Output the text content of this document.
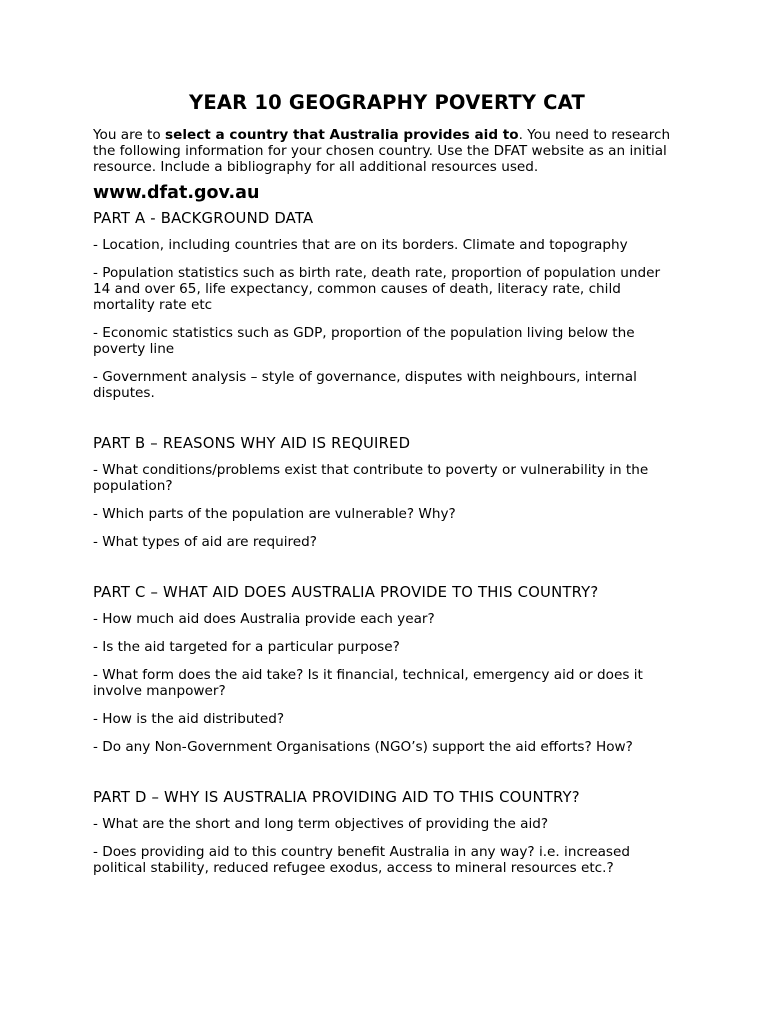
YEAR 10 GEOGRAPHY POVERTY CAT
You are to select a country that Australia provides aid to. You need to research the following information for your chosen country. Use the DFAT website as an initial resource. Include a bibliography for all additional resources used.
www.dfat.gov.au
PART A - BACKGROUND DATA
- Location, including countries that are on its borders. Climate and topography
- Population statistics such as birth rate, death rate, proportion of population under 14 and over 65, life expectancy, common causes of death, literacy rate, child mortality rate etc
- Economic statistics such as GDP, proportion of the population living below the poverty line
- Government analysis – style of governance, disputes with neighbours, internal disputes.
PART B – REASONS WHY AID IS REQUIRED
- What conditions/problems exist that contribute to poverty or vulnerability in the population?
- Which parts of the population are vulnerable? Why?
- What types of aid are required?
PART C – WHAT AID DOES AUSTRALIA PROVIDE TO THIS COUNTRY?
- How much aid does Australia provide each year?
- Is the aid targeted for a particular purpose?
- What form does the aid take? Is it financial, technical, emergency aid or does it involve manpower?
- How is the aid distributed?
- Do any Non-Government Organisations (NGO’s) support the aid efforts? How?
PART D – WHY IS AUSTRALIA PROVIDING AID TO THIS COUNTRY?
- What are the short and long term objectives of providing the aid?
- Does providing aid to this country benefit Australia in any way? i.e. increased political stability, reduced refugee exodus, access to mineral resources etc.?
